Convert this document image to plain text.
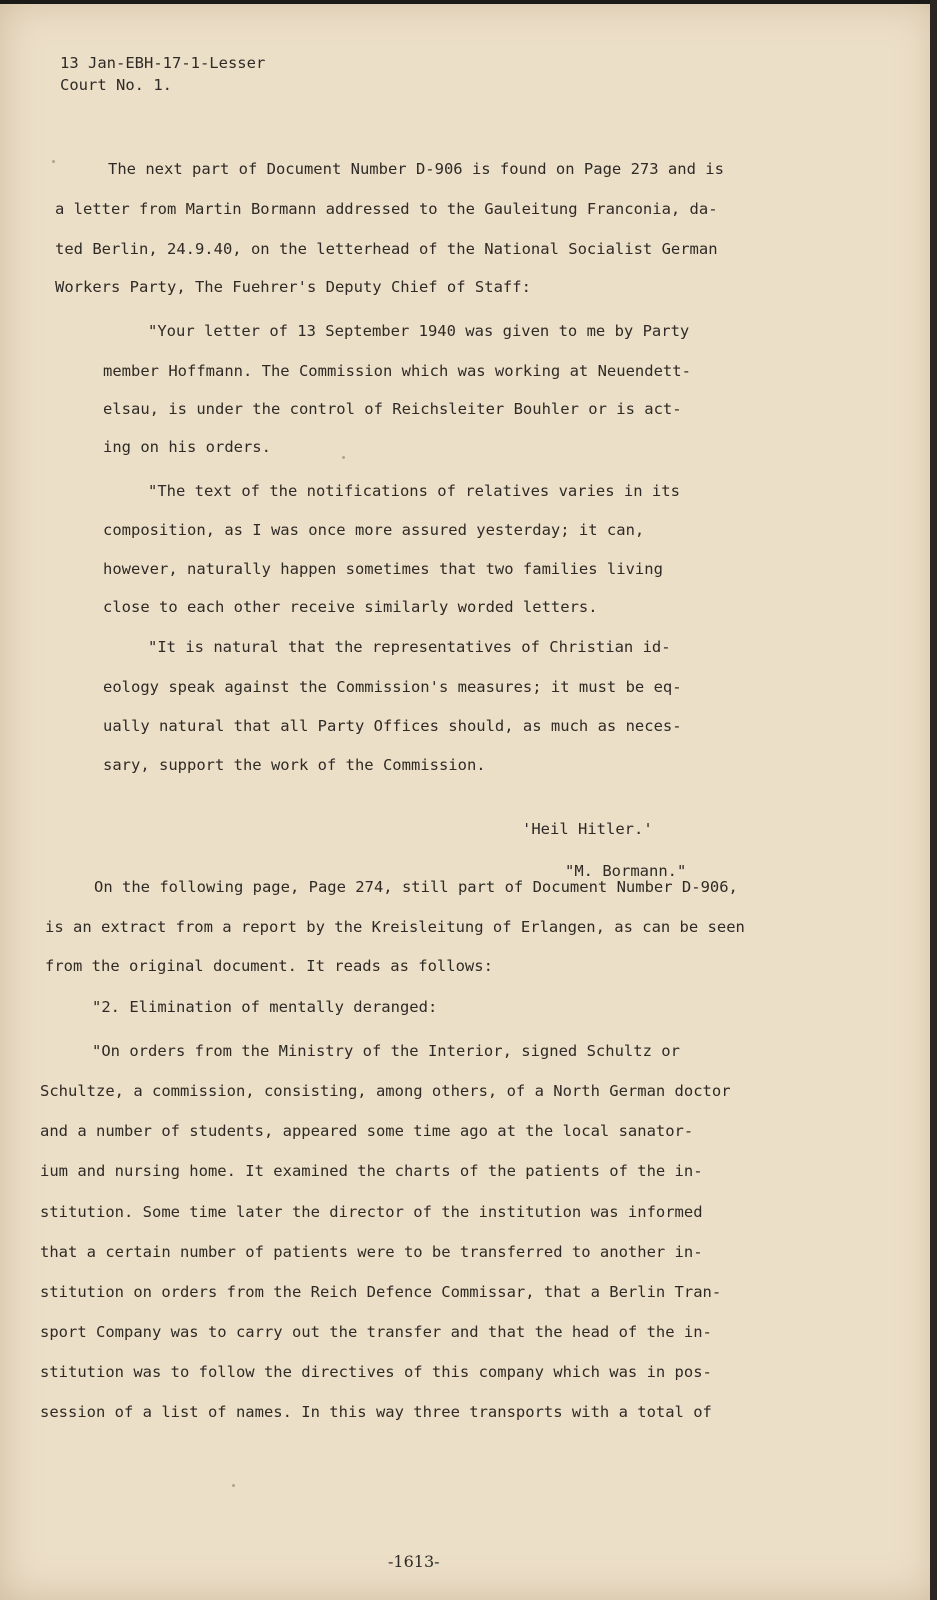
13 Jan-EBH-17-1-Lesser
Court No. 1.
The next part of Document Number D-906 is found on Page 273 and is
a letter from Martin Bormann addressed to the Gauleitung Franconia, da-
ted Berlin, 24.9.40, on the letterhead of the National Socialist German
Workers Party, The Fuehrer's Deputy Chief of Staff:
"Your letter of 13 September 1940 was given to me by Party
member Hoffmann. The Commission which was working at Neuendett-
elsau, is under the control of Reichsleiter Bouhler or is act-
ing on his orders.
"The text of the notifications of relatives varies in its
composition, as I was once more assured yesterday; it can,
however, naturally happen sometimes that two families living
close to each other receive similarly worded letters.
"It is natural that the representatives of Christian id-
eology speak against the Commission's measures; it must be eq-
ually natural that all Party Offices should, as much as neces-
sary, support the work of the Commission.
'Heil Hitler.'
"M. Bormann."
On the following page, Page 274, still part of Document Number D-906,
is an extract from a report by the Kreisleitung of Erlangen, as can be seen
from the original document. It reads as follows:
"2. Elimination of mentally deranged:
"On orders from the Ministry of the Interior, signed Schultz or
Schultze, a commission, consisting, among others, of a North German doctor
and a number of students, appeared some time ago at the local sanator-
ium and nursing home. It examined the charts of the patients of the in-
stitution. Some time later the director of the institution was informed
that a certain number of patients were to be transferred to another in-
stitution on orders from the Reich Defence Commissar, that a Berlin Tran-
sport Company was to carry out the transfer and that the head of the in-
stitution was to follow the directives of this company which was in pos-
session of a list of names. In this way three transports with a total of
-1613-
